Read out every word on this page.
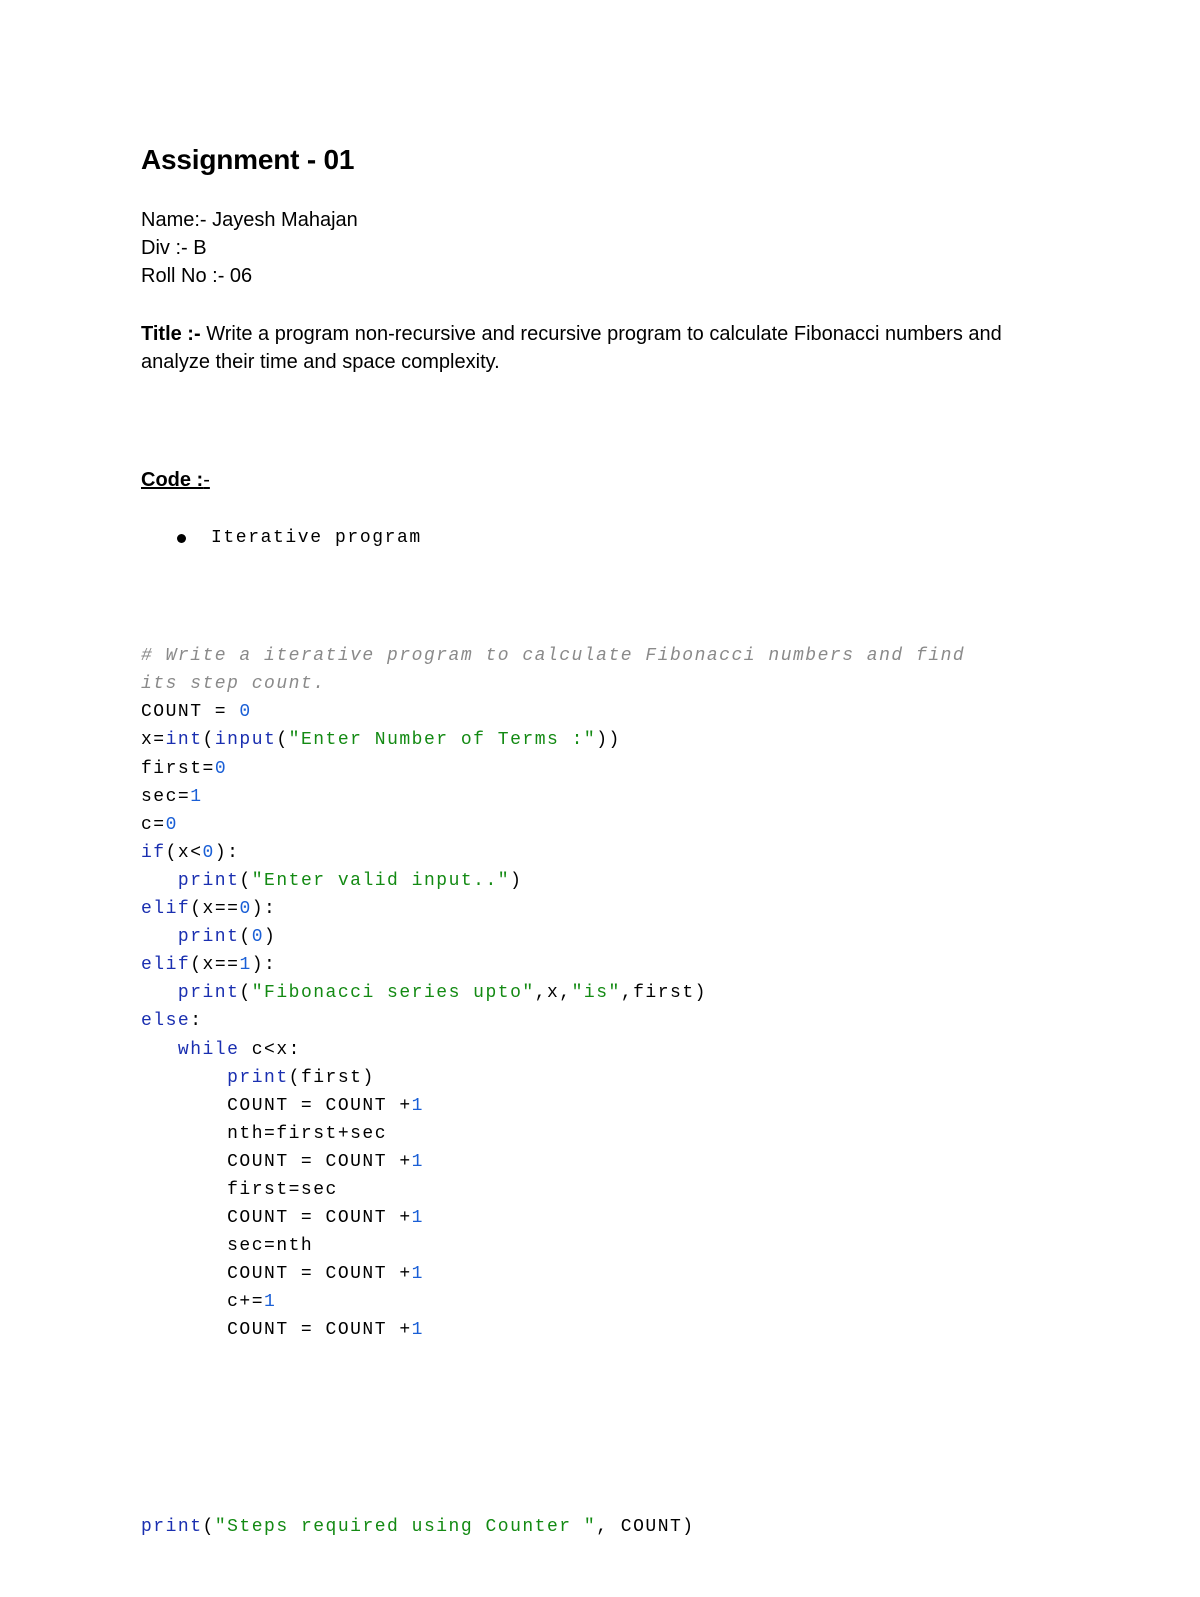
Assignment - 01
Name:- Jayesh Mahajan
Div :- B
Roll No :- 06
Title :- Write a program non-recursive and recursive program to calculate Fibonacci numbers and analyze their time and space complexity.
Code :-
Iterative program

# Write a iterative program to calculate Fibonacci numbers and find
its step count.
COUNT = 0
x=int(input("Enter Number of Terms :"))
first=0
sec=1
c=0
if(x<0):
print("Enter valid input..")
elif(x==0):
print(0)
elif(x==1):
print("Fibonacci series upto",x,"is",first)
else:
while c<x:
print(first)
COUNT = COUNT +1
nth=first+sec
COUNT = COUNT +1
first=sec
COUNT = COUNT +1
sec=nth
COUNT = COUNT +1
c+=1
COUNT = COUNT +1

print("Steps required using Counter ", COUNT)
